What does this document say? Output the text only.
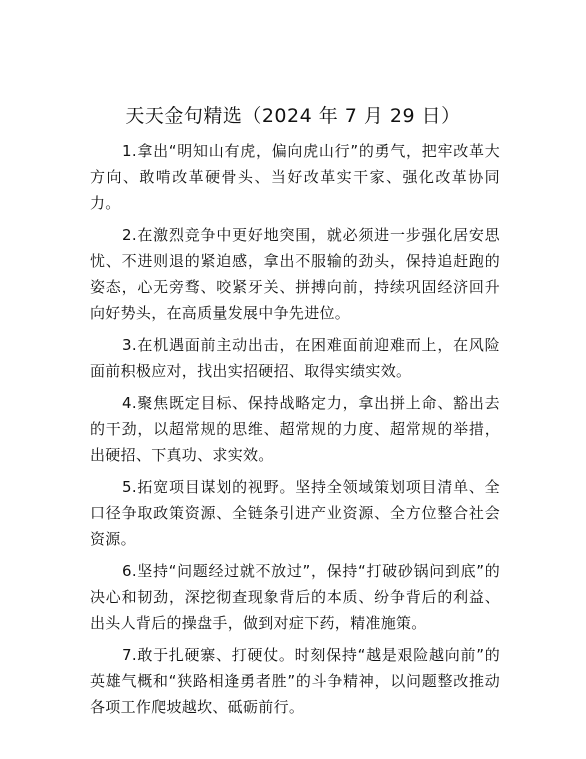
天天金句精选（2024 年 7 月 29 日）

1.拿出“明知山有虎，偏向虎山行”的勇气，把牢改革大方向、敢啃改革硬骨头、当好改革实干家、强化改革协同力。

2.在激烈竞争中更好地突围，就必须进一步强化居安思忧、不进则退的紧迫感，拿出不服输的劲头，保持追赶跑的姿态，心无旁骛、咬紧牙关、拼搏向前，持续巩固经济回升向好势头，在高质量发展中争先进位。

3.在机遇面前主动出击，在困难面前迎难而上，在风险面前积极应对，找出实招硬招、取得实绩实效。

4.聚焦既定目标、保持战略定力，拿出拼上命、豁出去的干劲，以超常规的思维、超常规的力度、超常规的举措，出硬招、下真功、求实效。

5.拓宽项目谋划的视野。坚持全领域策划项目清单、全口径争取政策资源、全链条引进产业资源、全方位整合社会资源。

6.坚持“问题经过就不放过”，保持“打破砂锅问到底”的决心和韧劲，深挖彻查现象背后的本质、纷争背后的利益、出头人背后的操盘手，做到对症下药，精准施策。

7.敢于扎硬寨、打硬仗。时刻保持“越是艰险越向前”的英雄气概和“狭路相逢勇者胜”的斗争精神，以问题整改推动各项工作爬坡越坎、砥砺前行。
